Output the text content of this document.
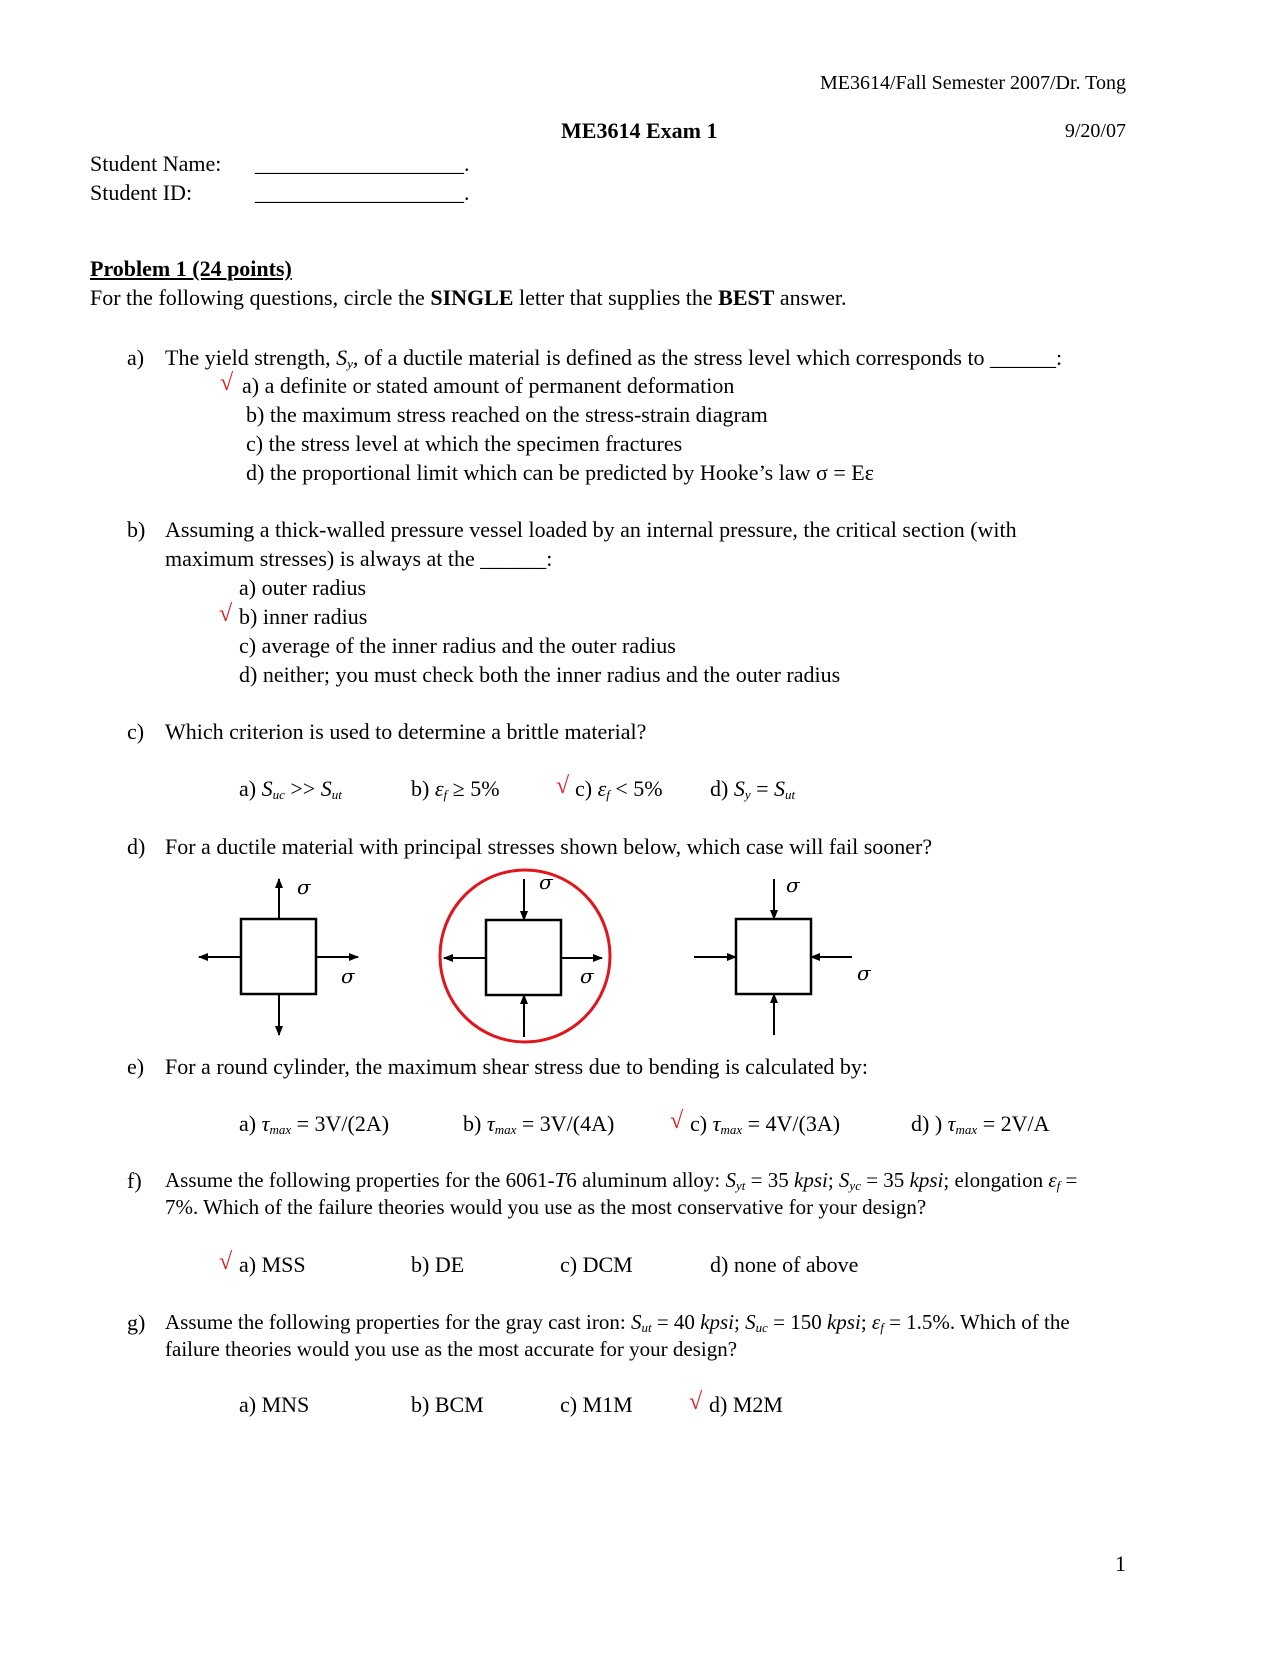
ME3614/Fall Semester 2007/Dr. Tong
ME3614 Exam 1	9/20/07
Student Name: ___________________.
Student ID:	___________________.
Problem 1 (24 points)
For the following questions, circle the SINGLE letter that supplies the BEST answer.
a) The yield strength, $S_y$, of a ductile material is defined as the stress level which corresponds to ______:
√ a) a definite or stated amount of permanent deformation
b) the maximum stress reached on the stress-strain diagram
c) the stress level at which the specimen fractures
d) the proportional limit which can be predicted by Hooke’s law σ = Eε
b) Assuming a thick-walled pressure vessel loaded by an internal pressure, the critical section (with
maximum stresses) is always at the ______:
a) outer radius
√ b) inner radius
c) average of the inner radius and the outer radius
d) neither; you must check both the inner radius and the outer radius
c) Which criterion is used to determine a brittle material?
a) $S_{uc} >> S_{ut}$	b) $\varepsilon_f \ge 5\%$ √ c) $\varepsilon_f < 5\%$ d) $S_y = S_{ut}$
d) For a ductile material with principal stresses shown below, which case will fail sooner?
σ
σ
σ
σ
σ
σ
e) For a round cylinder, the maximum shear stress due to bending is calculated by:
a) $\tau_{max} = 3V/(2A)$	b) $\tau_{max} = 3V/(4A)$ √ c) $\tau_{max} = 4V/(3A)$	d) ) $\tau_{max} = 2V/A$
f) Assume the following properties for the 6061-T6 aluminum alloy: $S_{yt} = 35$ kpsi; $S_{yc} = 35$ kpsi; elongation $\varepsilon_f$ =
7%. Which of the failure theories would you use as the most conservative for your design?
√ a) MSS	b) DE	c) DCM	d) none of above
g) Assume the following properties for the gray cast iron: $S_{ut} = 40$ kpsi; $S_{uc} = 150$ kpsi; $\varepsilon_f = 1.5\%$. Which of the
failure theories would you use as the most accurate for your design?
a) MNS	b) BCM	c) M1M √ d) M2M
1
